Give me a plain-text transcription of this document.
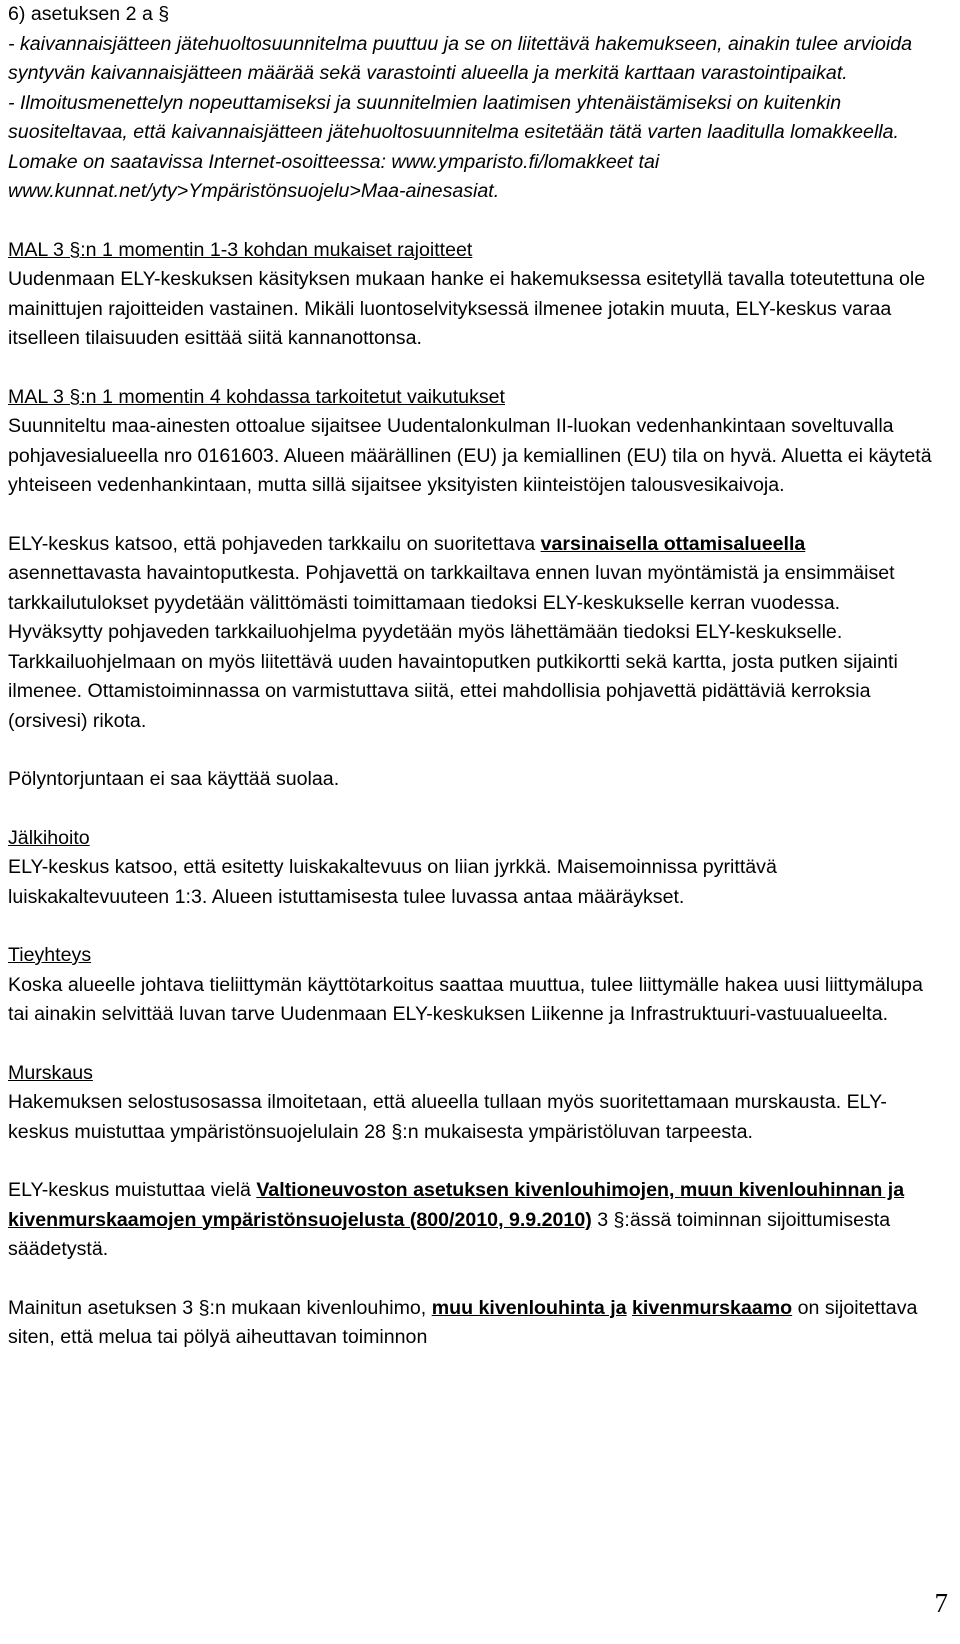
6) asetuksen 2 a §

- kaivannaisjätteen jätehuoltosuunnitelma puuttuu ja se on liitettävä hakemukseen, ainakin tulee arvioida syntyvän kaivannaisjätteen määrää sekä varastointi alueella ja merkitä karttaan varastointipaikat.

- Ilmoitusmenettelyn nopeuttamiseksi ja suunnitelmien laatimisen yhtenäistämiseksi on kuitenkin suositeltavaa, että kaivannaisjätteen jätehuoltosuunnitelma esitetään tätä varten laaditulla lomakkeella. Lomake on saatavissa Internet-osoitteessa: www.ymparisto.fi/lomakkeet tai www.kunnat.net/yty>Ympäristönsuojelu>Maa-ainesasiat.

MAL 3 §:n 1 momentin 1-3 kohdan mukaiset rajoitteet

Uudenmaan ELY-keskuksen käsityksen mukaan hanke ei hakemuksessa esitetyllä tavalla toteutettuna ole mainittujen rajoitteiden vastainen. Mikäli luontoselvityksessä ilmenee jotakin muuta, ELY-keskus varaa itselleen tilaisuuden esittää siitä kannanottonsa.

MAL 3 §:n 1 momentin 4 kohdassa tarkoitetut vaikutukset

Suunniteltu maa-ainesten ottoalue sijaitsee Uudentalonkulman II-luokan vedenhankintaan soveltuvalla pohjavesialueella nro 0161603. Alueen määrällinen (EU) ja kemiallinen (EU) tila on hyvä. Aluetta ei käytetä yhteiseen vedenhankintaan, mutta sillä sijaitsee yksityisten kiinteistöjen talousvesikaivoja.

ELY-keskus katsoo, että pohjaveden tarkkailu on suoritettava varsinaisella ottamisalueella asennettavasta havaintoputkesta. Pohjavettä on tarkkailtava ennen luvan myöntämistä ja ensimmäiset tarkkailutulokset pyydetään välittömästi toimittamaan tiedoksi ELY-keskukselle kerran vuodessa. Hyväksytty pohjaveden tarkkailuohjelma pyydetään myös lähettämään tiedoksi ELY-keskukselle. Tarkkailuohjelmaan on myös liitettävä uuden havaintoputken putkikortti sekä kartta, josta putken sijainti ilmenee. Ottamistoiminnassa on varmistuttava siitä, ettei mahdollisia pohjavettä pidättäviä kerroksia (orsivesi) rikota.

Pölyntorjuntaan ei saa käyttää suolaa.

Jälkihoito

ELY-keskus katsoo, että esitetty luiskakaltevuus on liian jyrkkä. Maisemoinnissa pyrittävä luiskakaltevuuteen 1:3. Alueen istuttamisesta tulee luvassa antaa määräykset.

Tieyhteys

Koska alueelle johtava tieliittymän käyttötarkoitus saattaa muuttua, tulee liittymälle hakea uusi liittymälupa tai ainakin selvittää luvan tarve Uudenmaan ELY-keskuksen Liikenne ja Infrastruktuuri-vastuualueelta.

Murskaus

Hakemuksen selostusosassa ilmoitetaan, että alueella tullaan myös suoritettamaan murskausta. ELY-keskus muistuttaa ympäristönsuojelulain 28 §:n mukaisesta ympäristöluvan tarpeesta.

ELY-keskus muistuttaa vielä Valtioneuvoston asetuksen kivenlouhimojen, muun kivenlouhinnan ja kivenmurskaamojen ympäristönsuojelusta (800/2010, 9.9.2010) 3 §:ässä toiminnan sijoittumisesta säädetystä.

Mainitun asetuksen 3 §:n mukaan kivenlouhimo, muu kivenlouhinta ja kivenmurskaamo on sijoitettava siten, että melua tai pölyä aiheuttavan toiminnon

7
